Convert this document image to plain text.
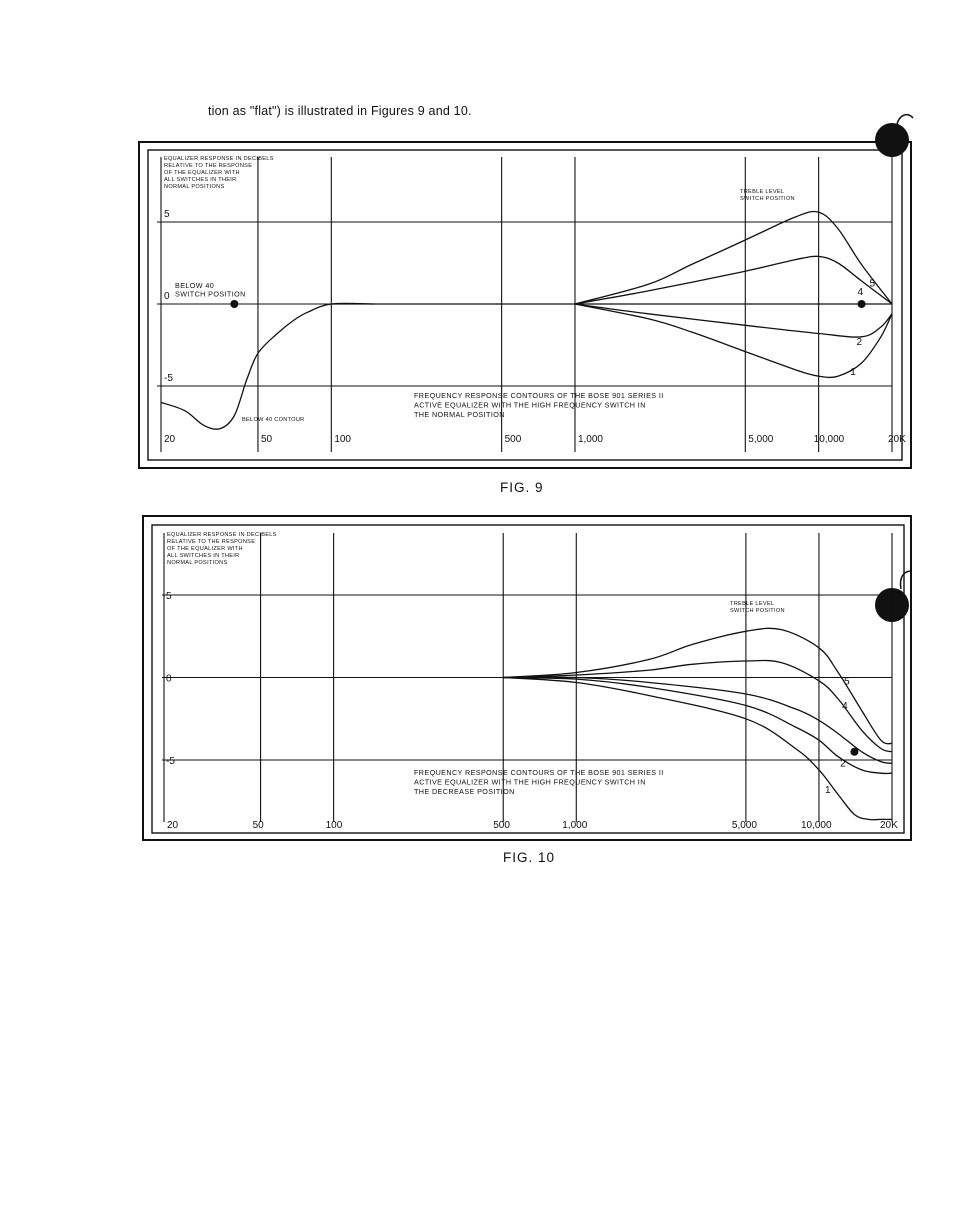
tion as "flat") is illustrated in Figures 9 and 10.
20	50	100	500	1,000	5,000	10,000	20K
5
0
-5
EQUALIZER RESPONSE IN DECIBELS
RELATIVE TO THE RESPONSE
OF THE EQUALIZER WITH
ALL SWITCHES IN THEIR
NORMAL POSITIONS
FREQUENCY RESPONSE CONTOURS OF THE BOSE 901 SERIES II
ACTIVE EQUALIZER WITH THE HIGH FREQUENCY SWITCH IN
THE NORMAL POSITION
TREBLE LEVEL
SWITCH POSITION
BELOW 40
SWITCH POSITION
BELOW 40 CONTOUR
5
4
2
1
FIG. 9
20	50	100	500	1,000	5,000	10,000	20K
5
0
-5
EQUALIZER RESPONSE IN DECIBELS
RELATIVE TO THE RESPONSE
OF THE EQUALIZER WITH
ALL SWITCHES IN THEIR
NORMAL POSITIONS
FREQUENCY RESPONSE CONTOURS OF THE BOSE 901 SERIES II
ACTIVE EQUALIZER WITH THE HIGH FREQUENCY SWITCH IN
THE DECREASE POSITION
TREBLE LEVEL
SWITCH POSITION
5
4
2
1
FIG. 10
